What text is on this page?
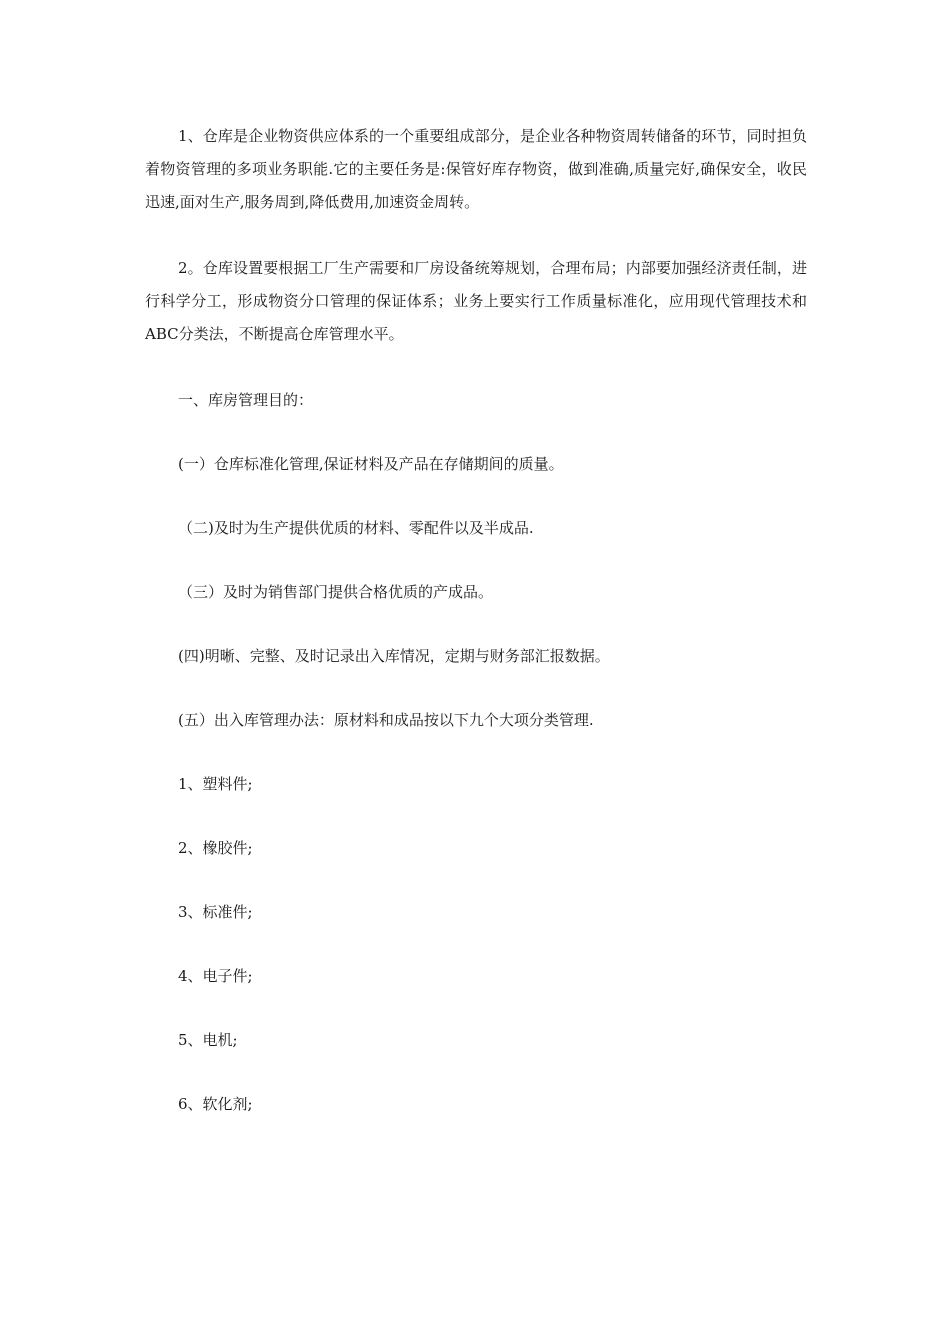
1、仓库是企业物资供应体系的一个重要组成部分，是企业各种物资周转储备的环节，同时担负着物资管理的多项业务职能.它的主要任务是:保管好库存物资，做到准确,质量完好,确保安全，收民迅速,面对生产,服务周到,降低费用,加速资金周转。

2。仓库设置要根据工厂生产需要和厂房设备统筹规划，合理布局；内部要加强经济责任制，进行科学分工，形成物资分口管理的保证体系；业务上要实行工作质量标准化，应用现代管理技术和ABC分类法，不断提高仓库管理水平。

一、库房管理目的：
(一）仓库标准化管理,保证材料及产品在存储期间的质量。
（二)及时为生产提供优质的材料、零配件以及半成品.
（三）及时为销售部门提供合格优质的产成品。
(四)明晰、完整、及时记录出入库情况，定期与财务部汇报数据。
(五）出入库管理办法：原材料和成品按以下九个大项分类管理.
1、塑料件;
2、橡胶件;
3、标准件;
4、电子件;
5、电机;
6、软化剂;
